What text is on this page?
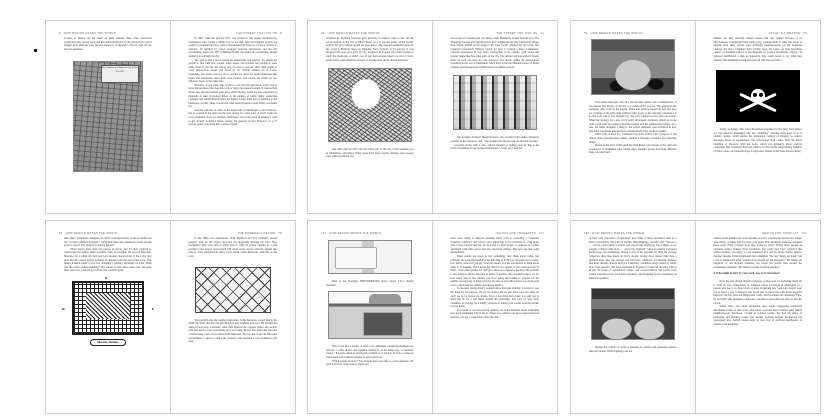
8 HOW DESIGN MAKES THE WORLD

London or Venice, are not based on grids. Instead, these cities developed organically into curved roads and non-uniform layouts. Is the grid system a good design? As is often the case, the best answer is "it depends"—that is, until we can ask our questions.

The Commissioners Map of the City of New York 1807
THE STREET YOU LIVE ON 9

In 1807, when the grid for NYC was created, it was largely motivated by landowners who wanted a simple way to sell their land. Rectangular parcels are easier for potential buyers to look at and understand. Even so, it took a century of attempts, all derailed by power struggles between landowners and the city government, before the 1807 committee finally succeeded in coordinating enough authority to redesign the city.

The grid is also a good system for pedestrians and tourists. It's simple for people to find their way around, since streets and avenues run parallel to each other. Even if you turn the wrong way, it's easy to recover, since right angles at every intersection ensure you never go far without another set of streets reminding you where you are. Grid systems are good for retail businesses like hotels and restaurants, since grids have corners, and corners are visible on two different streets at the same time.

However, if you walk, bike or drive a car, the grid guarantees you'll stop at more intersections (this depends on how large the squares formed by intersecting streets are, but most urban grids have small blocks). Grids are also expensive to maintain, at least in modern times, as the number of traffic lights, pedestrian crossings and related infrastructure are higher. Lastly, grids pay no attention to the landscape, so hills, lakes, forests and other natural features aren't easily accounted for.

Anyone who has to walk on the steep hills of Pittsburgh or San Francisco has to wonder if the grid was the best design for some parts of town. Grids do create beautiful views on dramatic landscapes, but at the price of making it hard to get around. Lombard Street, among the steepest in San Francisco at a 27 percent grade, was made into a series of tight

40 HOW DESIGN MAKES THE WORLD

switchbacks, breaking from the grid, precisely to make it safer to use. Yet the actual steepest in the city is Filbert Street, at a 31 percent grade, which loyally follows the grid without regard for your knees. The steepest residential street in the world is Baldwin Street in Dunedin, New Zealand, at 35 percent. It was designed this way, on a grid, by city designers in London who didn't bother to study the landscape, or didn't care. If you look around where you live or work, you'll notice some similarly curious, or incompetent, urban design decisions.

The 1807 plan for NYC left the oldest part of the city, at the southern end of Manhattan, untouched. Other cities have more organic designs, since streets were added gradually and
THE STREET YOU LIVE ON 41

not as part of a master plan. For many, south Manhattan is their favorite part. The diverging avenues and angular streets give neighborhoods like Greenwich Village their charm. Famed urban design critic Jane Jacobs disliked the grid plan. She preferred Greenwich Village's layout for how it created a more community-oriented experience. It was more comfortable to be outside, with wider and greener sidewalks than other parts of the city. The smaller and less uniform blocks done for each one have its own character and charm, unlike the monotonous repetition in the rest of Manhattan. She'd have loved the Hundertwasser of Kuala Lumpur and the laneways in Melbourne for similar reasons.

The German architect Hundertwasser, who avoided right angles whenever possible in his creations, said, "The straight line has become an absolute tyranny . . . cowardly drawn with a rule, without thought or feeling; and the line is the rotten foundation of our doomed civilization." I can't say I feel that

52 HOW DESIGN MAKES THE WORLD

This means that style can't be a last thought, unless style is unimportant. It also means that design, at its best, is a collaborative process. The engineers and designers who work on the engine, frame and exterior should all feel like they are working on the same team with the same goals, so the customer experience is as that feels like it was designed by one very talented person with one vision. When the strategy for a new car is being developed, designers should be in the same room with the business decision makers and the engineering leaders. As a rule, the better designed a thing is, the earlier designers were involved in how that thing was made, and the more collaboratively they worked together.

When style is used in a consistent way that's paired with a purpose, it has effects more profound than simply sending a message. Consider the following image.

Pirates in the early 1700s used the Jolly Roger, also known as the skull and crossbones, to intimidate other sailing ships. Initially, pirates had many different flags, all with black

STYLE IS A WEAPON 53

themes, but they naturally settled around this one symbol because of its effectiveness. It frightened their future prey, warning them of what was about to happen. And since pirates were primarily businesspeople (of the unethical variety), the more compliant their victims were, the better. As Tom Wareham, curator of maritime history at the Museum of London Docklands, offered, "If [pirates] intimidated a ship on approach, they could board it, get what they wanted with minimum trouble and walk off with the proceeds."

Today, as design critic Alice Rawsthorn explained in the New York Times, we call effective messaging like this "branding." Another term used for it is identity design, which means the intentional crafting of imagery to convey messages about an organization. The term brand itself comes from the literal branding of livestock with hot irons, which was primarily about proving ownership. But eventually this term came to be used in the longstanding tradition of tribal colors, and national flags. Long before pirates in the West started raising

74 HOW DESIGN MAKES THE WORLD

their ideas. Sometimes designers are hired as design theater, so the powerful can say "we have talented designers," using their fame and reputation to help sell the project, even if that designer is mostly ignored.

When there's more than one person in power, and it's their capacity to collaborate that defines what's possible. Take, for example, the town of Missoula, Montana. It's a small city with one very unusual characteristic: it has a city grid plan, but the central grid is oriented 45 degrees from the rest of the town. This makes it much easier to get lost, defeating a primary advantage of grids. What was the urban planner thinking? The answer is that there wasn't just one plan, there were two, each led by factions that couldn't agree.

N
W	E
Missoula, Montana
THE POWERFUL DECIDE 75

In the 1880s, two landowners, W.M. Bickford and W.J. Stephens, owned property near an old wagon road that ran diagonally through the area. They formulated their own plan to align with it, with all streets running in a grid parallel to the wagon road (which still exists today, shown with the dashed line below). They imagined an entire town called South Missoula, with this as the core.

The problem was that another landowner, Judge Knowles, owned land to the north. He didn't like the plan that Bickford and Stephens proposed. He thought the angled roads were a mistake, since they ignored the original routes and section plan that much of the surrounding area was using. But he also didn't like the idea of there being a new town called South Missoula. He was able to get the Missoula government to agree to annex his property, and installed a true rectilinear grid plan.

110 HOW DESIGN MAKES THE WORLD
Here is the Nostalgia BSET300RETRO Retro Series 3-in-1 deluxe breakfast.

This is not just a toaster. It offers two additional countertop/multipurpose devices, a coffee maker and a griddle, making it, as the name says, "a breakfast station." It seems aimed at solving the problem of "I need to be able to make an entire meal with a limited amount of space and cost."

Which toaster is better? You already know that this is a trick question. We need to first do some work to figure out

VALUES AND TRADEOFFS 111

what we're trying to improve (making better toast or providing a "complete breakfast solution") and whose we're improving it for (someone in a big home with a large kitchen that has an oven and a coffee maker, or someone in a small apartment with little space and few electrical outlets). But let's put that aside momentarily.

When people are about to buy something, they think about value, and primarily the economic kind. For the $20, $40 or $100 you can spend on a toaster, how much value will you get? And the easiest way the one feature to think about value is in quantity. You'd never pay $20 for two apples if you could get four of them, of the same quality, for $10 (yes, these are expensive apples). The problem is that design is hard to measure in terms of quantity. You wouldn't judge a car for how many tires it has (unless you were going off-roading to prepare for the zombie apocalypse) or judge wine by the size of its bottle (unless you crush your car in a ditch and the zombie apocalypse begins).

To measure design quality requires more than just looking: you have to use the thing for its purpose. We try on clothes and we test drive cars, but often we don't get to try before we decide. Even a test drive isn't great: you only get to drive the car for a few miles around the dealership. You can't try your daily commute, or packing for a family vacation, or taking your cousin from the market to your home.

As a result of our bias toward quantity, we make mistakes about evaluating how good something will be for us. When you compare our two toasters based on features, you get a comparison chart like this:

136 HOW DESIGN MAKES THE WORLD

of their own customers. Corporations now think of their customer's time as a kind of externality. The CEO of Netflix, Reed Hastings, recently said, "You get a . . . movie you're dying to watch, and you end up staying up late at night, so we actually compete with sleep . . . and we're winning!" Sleep is actually a national health issue, and technology design is part of the problem. In 1942 the average American slept nine hours. In 2013, despite having more leisure time than a hundred years ago, the average was 6.8 hours. Similarly, it's lifestyle diseases like heart disease, obesity and type 2 diabetes, conditions often caused by habits more than genetics, that have exploded in frequency in the last decades. This is in part the result of convenience culture, and a food industry that profits from selling customers more food than is healthy, and designing food to maximize its addictive qualities.

Design the conflict is when a situation is created that generates tension between people. When fighting over the

DESIGN FOR CONFLICT 137

armrest in the middle seat on an airplane, it's easy to blame the person who bumps your elbow, or slides their foot into your space. But remember, someone designed those seats. What problem were they trying to solve? Fitting more people on airplanes makes airlines more profitable, but could they have achieved this without making you angry at your seatmate? In a talk for Ignite Seattle, interior designer Ronnie Toland explained that sometimes "the tiny things are made 'win or tip to blame each other, instead of the design [or the designer].'" We blame our neighbor, or our airplane seatmate, but forget the people who created the problematic situation. This makes a useful and final question:

4. Who might be hurt by your work, now or in the future?

Even the best design impacts someone, perhaps just by excluding them. Or it could be your competition, or someone whose job might be eliminated, or a person who has to do more work or learn something new (and who doesn't want to). Is there a way to improve the world just as much but with fewer negative impacts? Doctors have the Hippocratic Oath, which includes the statement "First, do no harm." But designers, engineers, executives and politicians have to into the crowd.

When Waze and other navigation apps began suggesting previously uncommon routes to their users, they never expected they'd disrupt quiet family neighborhoods. Facebook, created to connect people, has had the effect of polarizing and dividing people (yet another problem founder Zuckerberg has apologized for). Airbnb causes rents to rise. Use of artificial intelligence in business and medicine,
